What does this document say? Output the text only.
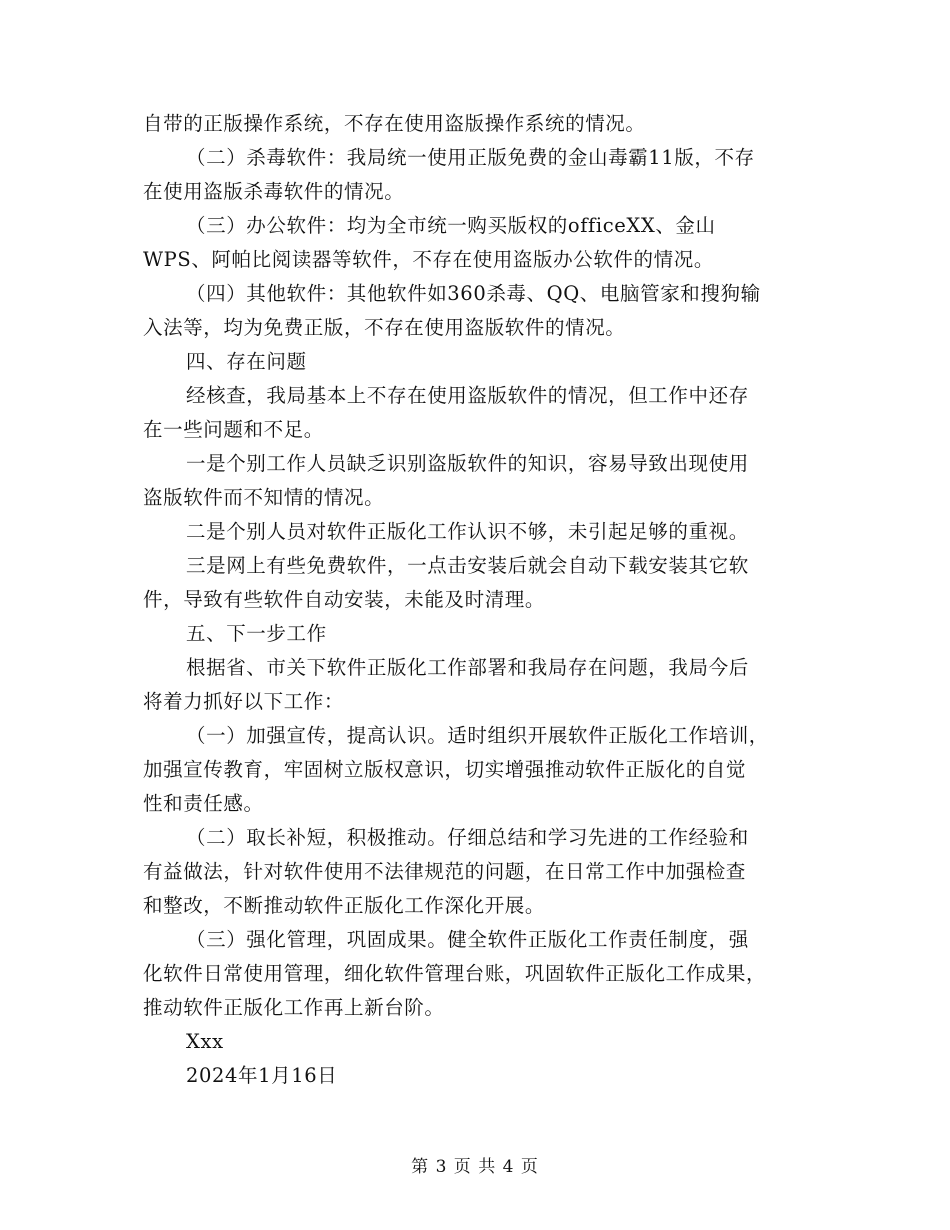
自带的正版操作系统，不存在使用盗版操作系统的情况。
（二）杀毒软件：我局统一使用正版免费的金山毒霸11版，不存
在使用盗版杀毒软件的情况。
（三）办公软件：均为全市统一购买版权的officeXX、金山
WPS、阿帕比阅读器等软件，不存在使用盗版办公软件的情况。
（四）其他软件：其他软件如360杀毒、QQ、电脑管家和搜狗输
入法等，均为免费正版，不存在使用盗版软件的情况。
四、存在问题
经核查，我局基本上不存在使用盗版软件的情况，但工作中还存
在一些问题和不足。
一是个别工作人员缺乏识别盗版软件的知识，容易导致出现使用
盗版软件而不知情的情况。
二是个别人员对软件正版化工作认识不够，未引起足够的重视。
三是网上有些免费软件，一点击安装后就会自动下载安装其它软
件，导致有些软件自动安装，未能及时清理。
五、下一步工作
根据省、市关下软件正版化工作部署和我局存在问题，我局今后
将着力抓好以下工作：
（一）加强宣传，提高认识。适时组织开展软件正版化工作培训，
加强宣传教育，牢固树立版权意识，切实增强推动软件正版化的自觉
性和责任感。
（二）取长补短，积极推动。仔细总结和学习先进的工作经验和
有益做法，针对软件使用不法律规范的问题，在日常工作中加强检查
和整改，不断推动软件正版化工作深化开展。
（三）强化管理，巩固成果。健全软件正版化工作责任制度，强
化软件日常使用管理，细化软件管理台账，巩固软件正版化工作成果，
推动软件正版化工作再上新台阶。
Xxx
2024年1月16日
第 3 页 共 4 页
